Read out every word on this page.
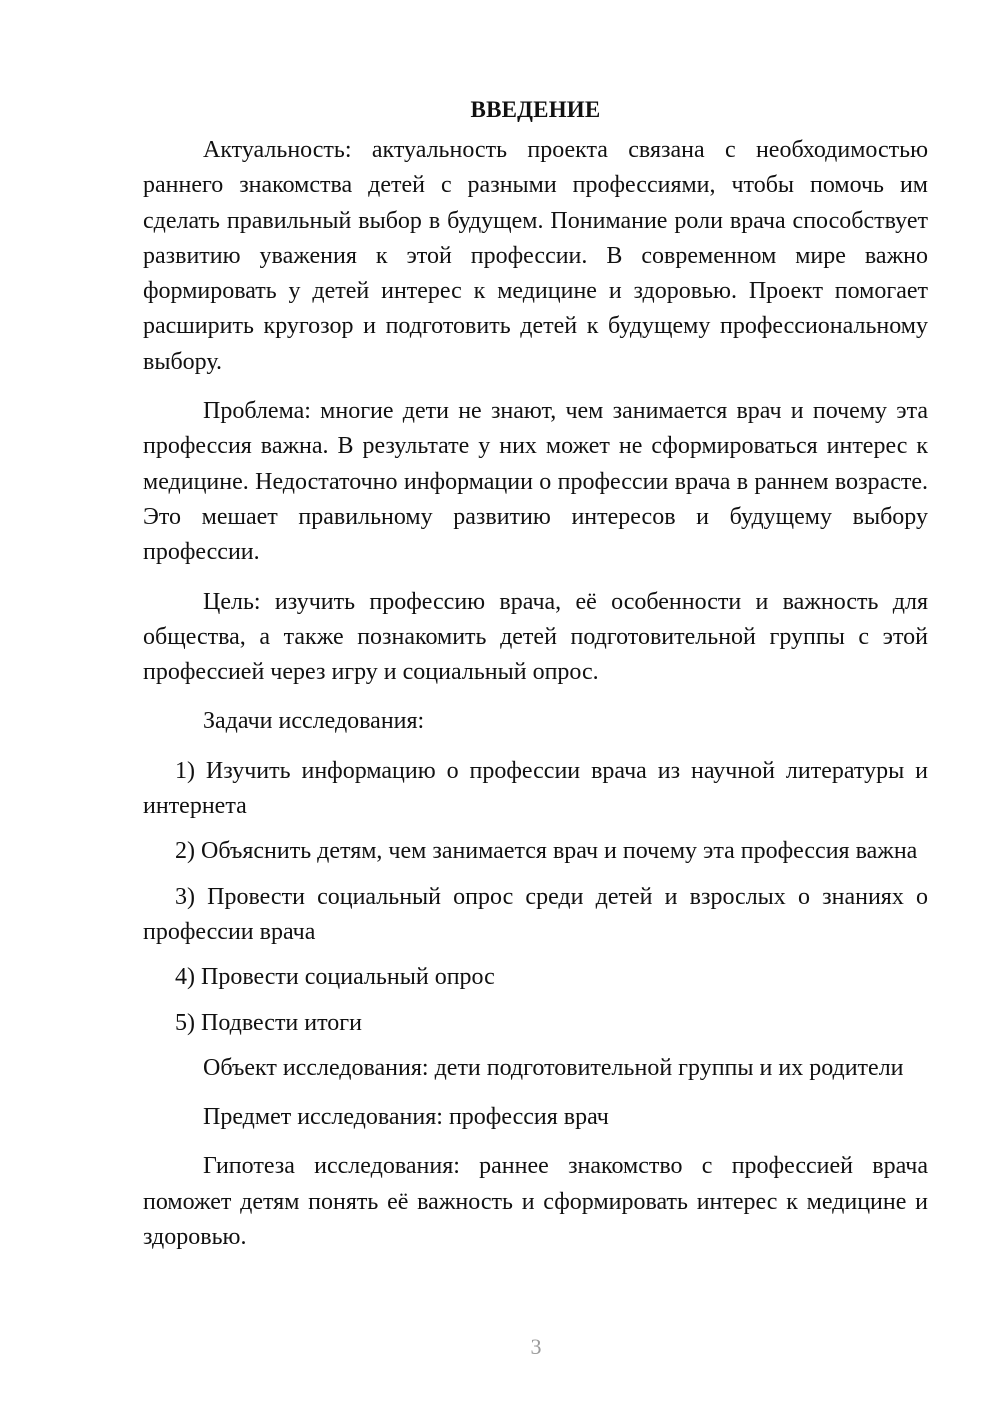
ВВЕДЕНИЕ

Актуальность: актуальность проекта связана с необходимостью раннего знакомства детей с разными профессиями, чтобы помочь им сделать правильный выбор в будущем. Понимание роли врача способствует развитию уважения к этой профессии. В современном мире важно формировать у детей интерес к медицине и здоровью. Проект помогает расширить кругозор и подготовить детей к будущему профессиональному выбору.

Проблема: многие дети не знают, чем занимается врач и почему эта профессия важна. В результате у них может не сформироваться интерес к медицине. Недостаточно информации о профессии врача в раннем возрасте. Это мешает правильному развитию интересов и будущему выбору профессии.

Цель: изучить профессию врача, её особенности и важность для общества, а также познакомить детей подготовительной группы с этой профессией через игру и социальный опрос.

Задачи исследования:

1) Изучить информацию о профессии врача из научной литературы и интернета

2) Объяснить детям, чем занимается врач и почему эта профессия важна

3) Провести социальный опрос среди детей и взрослых о знаниях о профессии врача

4) Провести социальный опрос

5) Подвести итоги

Объект исследования: дети подготовительной группы и их родители

Предмет исследования: профессия врач

Гипотеза исследования: раннее знакомство с профессией врача поможет детям понять её важность и сформировать интерес к медицине и здоровью.

3
